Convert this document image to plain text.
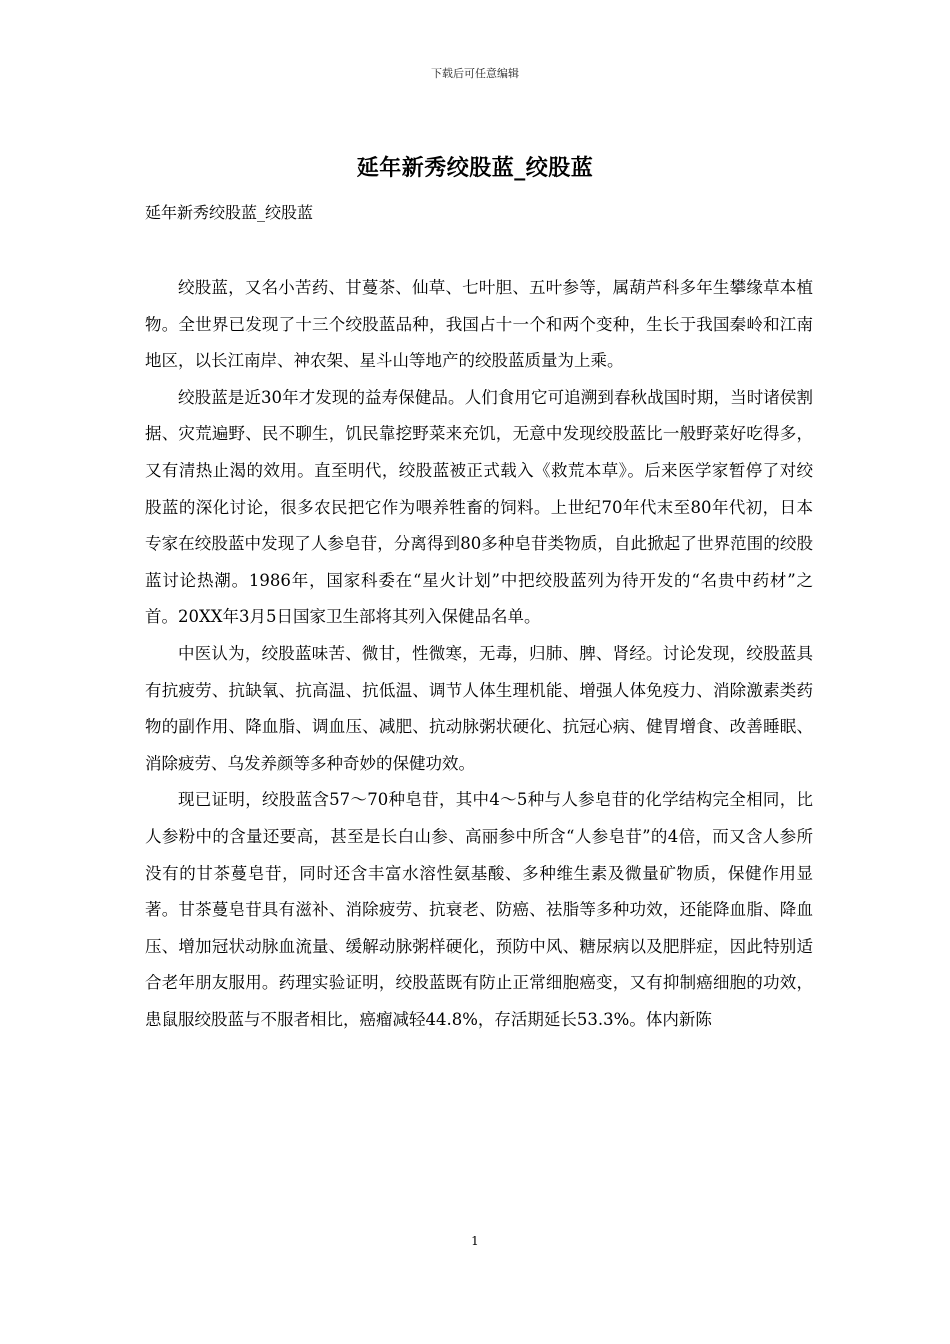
下载后可任意编辑
延年新秀绞股蓝_绞股蓝
延年新秀绞股蓝_绞股蓝

绞股蓝，又名小苦药、甘蔓茶、仙草、七叶胆、五叶参等，属葫芦科多年生攀缘草本植物。全世界已发现了十三个绞股蓝品种，我国占十一个和两个变种，生长于我国秦岭和江南地区，以长江南岸、神农架、星斗山等地产的绞股蓝质量为上乘。

绞股蓝是近30年才发现的益寿保健品。人们食用它可追溯到春秋战国时期，当时诸侯割据、灾荒遍野、民不聊生，饥民靠挖野菜来充饥，无意中发现绞股蓝比一般野菜好吃得多，又有清热止渴的效用。直至明代，绞股蓝被正式载入《救荒本草》。后来医学家暂停了对绞股蓝的深化讨论，很多农民把它作为喂养牲畜的饲料。上世纪70年代末至80年代初，日本专家在绞股蓝中发现了人参皂苷，分离得到80多种皂苷类物质，自此掀起了世界范围的绞股蓝讨论热潮。1986年，国家科委在“星火计划”中把绞股蓝列为待开发的“名贵中药材”之首。20XX年3月5日国家卫生部将其列入保健品名单。

中医认为，绞股蓝味苦、微甘，性微寒，无毒，归肺、脾、肾经。讨论发现，绞股蓝具有抗疲劳、抗缺氧、抗高温、抗低温、调节人体生理机能、增强人体免疫力、消除激素类药物的副作用、降血脂、调血压、减肥、抗动脉粥状硬化、抗冠心病、健胃增食、改善睡眠、消除疲劳、乌发养颜等多种奇妙的保健功效。

现已证明，绞股蓝含57～70种皂苷，其中4～5种与人参皂苷的化学结构完全相同，比人参粉中的含量还要高，甚至是长白山参、高丽参中所含“人参皂苷”的4倍，而又含人参所没有的甘茶蔓皂苷，同时还含丰富水溶性氨基酸、多种维生素及微量矿物质，保健作用显著。甘茶蔓皂苷具有滋补、消除疲劳、抗衰老、防癌、祛脂等多种功效，还能降血脂、降血压、增加冠状动脉血流量、缓解动脉粥样硬化，预防中风、糖尿病以及肥胖症，因此特别适合老年朋友服用。药理实验证明，绞股蓝既有防止正常细胞癌变，又有抑制癌细胞的功效，患鼠服绞股蓝与不服者相比，癌瘤减轻44.8%，存活期延长53.3%。体内新陈

1
